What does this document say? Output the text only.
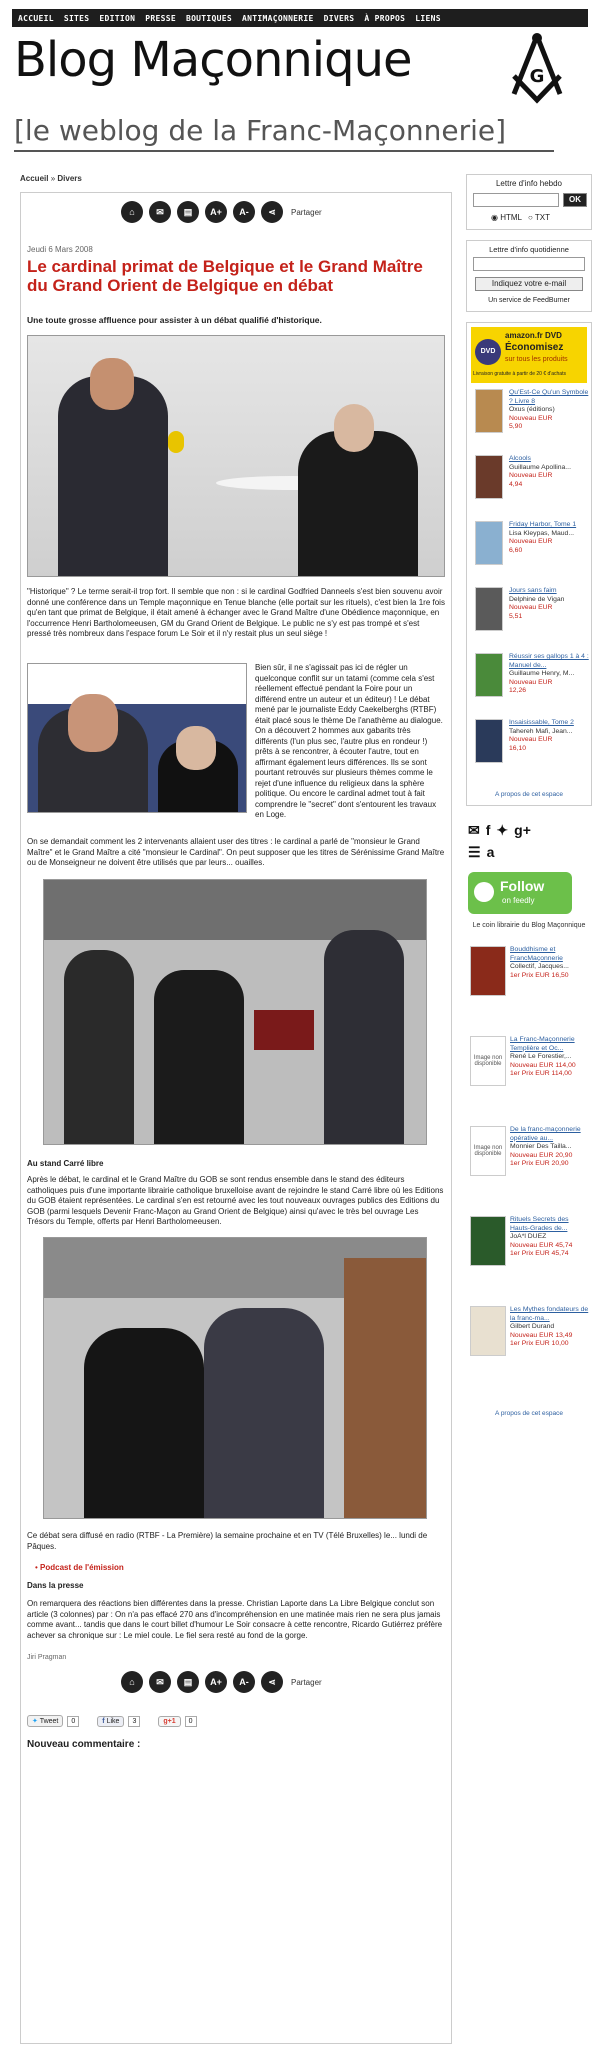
ACCUEIL SITES EDITION PRESSE BOUTIQUES ANTIMAÇONNERIE DIVERS À PROPOS LIENS
Blog Maçonnique	G
[le weblog de la Franc-Maçonnerie]
Accueil » Divers
⌂	✉	▤	A+	A-	⋖	Partager
Jeudi 6 Mars 2008
Le cardinal primat de Belgique et le Grand Maître du Grand Orient de Belgique en débat
Une toute grosse affluence pour assister à un débat qualifié d'historique.
"Historique" ? Le terme serait-il trop fort. Il semble que non : si le cardinal Godfried Danneels s'est bien souvenu avoir donné une conférence dans un Temple maçonnique en Tenue blanche (elle portait sur les rituels), c'est bien la 1re fois qu'en tant que primat de Belgique, il était amené à échanger avec le Grand Maître d'une Obédience maçonnique, en l'occurrence Henri Bartholomeeusen, GM du Grand Orient de Belgique. Le public ne s'y est pas trompé et s'est pressé très nombreux dans l'espace forum Le Soir et il n'y restait plus un seul siège !
Bien sûr, il ne s'agissait pas ici de régler un quelconque conflit sur un tatami (comme cela s'est réellement effectué pendant la Foire pour un différend entre un auteur et un éditeur) ! Le débat mené par le journaliste Eddy Caekelberghs (RTBF) était placé sous le thème De l'anathème au dialogue. On a découvert 2 hommes aux gabarits très différents (l'un plus sec, l'autre plus en rondeur !) prêts à se rencontrer, à écouter l'autre, tout en affirmant également leurs différences. Ils se sont pourtant retrouvés sur plusieurs thèmes comme le rejet d'une influence du religieux dans la sphère politique. Ou encore le cardinal admet tout à fait comprendre le "secret" dont s'entourent les travaux en Loge.
On se demandait comment les 2 intervenants allaient user des titres : le cardinal a parlé de "monsieur le Grand Maître" et le Grand Maître a cité "monsieur le Cardinal". On peut supposer que les titres de Sérénissime Grand Maître ou de Monseigneur ne doivent être utilisés que par leurs... ouailles.
Au stand Carré libre
Après le débat, le cardinal et le Grand Maître du GOB se sont rendus ensemble dans le stand des éditeurs catholiques puis d'une importante librairie catholique bruxelloise avant de rejoindre le stand Carré libre où les Editions du GOB étaient représentées. Le cardinal s'en est retourné avec les tout nouveaux ouvrages publics des Editions du GOB (parmi lesquels Devenir Franc-Maçon au Grand Orient de Belgique) ainsi qu'avec le très bel ouvrage Les Trésors du Temple, offerts par Henri Bartholomeeusen.
Ce débat sera diffusé en radio (RTBF - La Première) la semaine prochaine et en TV (Télé Bruxelles) le... lundi de Pâques.
• Podcast de l'émission
Dans la presse
On remarquera des réactions bien différentes dans la presse. Christian Laporte dans La Libre Belgique conclut son article (3 colonnes) par : On n'a pas effacé 270 ans d'incompréhension en une matinée mais rien ne sera plus jamais comme avant... tandis que dans le court billet d'humour Le Soir consacre à cette rencontre, Ricardo Gutiérrez préfère achever sa chronique sur : Le miel coule. Le fiel sera resté au fond de la gorge.
Jiri Pragman
⌂	✉	▤	A+	A-	⋖	Partager
✦ Tweet	0	f Like	3	g+1	0
Nouveau commentaire :
Lettre d'info hebdo
OK
◉ HTML ○ TXT
Lettre d'info quotidienne
Indiquez votre e-mail
Un service de FeedBurner
DVD
amazon.fr DVD
Économisez
sur tous les produits
Livraison gratuite à partir de 20 € d'achats
Qu'Est-Ce Qu'un Symbole ? Livre 8
Oxus (éditions)
Nouveau EUR
5,90
Alcools
Guillaume Apollina...
Nouveau EUR
4,94
Friday Harbor, Tome 1
Lisa Kleypas, Maud...
Nouveau EUR
6,60
Jours sans faim
Delphine de Vigan
Nouveau EUR
5,51
Réussir ses gallops 1 à 4 : Manuel de...
Guillaume Henry, M...
Nouveau EUR
12,26
Insaisissable, Tome 2
Tahereh Mafi, Jean...
Nouveau EUR
16,10
A propos de cet espace
✉ f ✦ g+
☰ a
Follow
on feedly
Le coin librairie du Blog Maçonnique
Bouddhisme et FrancMaçonnerie
Collectif, Jacques...
1er Prix EUR 16,50
Image non disponible
La Franc-Maçonnerie Templière et Oc...
René Le Forestier,...
Nouveau EUR 114,00
1er Prix EUR 114,00
Image non disponible
De la franc-maçonnerie opérative au...
Monnier Des Tailla...
Nouveau EUR 20,90
1er Prix EUR 20,90
Rituels Secrets des Hauts-Grades de...
JoA*l DUEZ
Nouveau EUR 45,74
1er Prix EUR 45,74
Les Mythes fondateurs de la franc-ma...
Gilbert Durand
Nouveau EUR 13,49
1er Prix EUR 10,00
A propos de cet espace
